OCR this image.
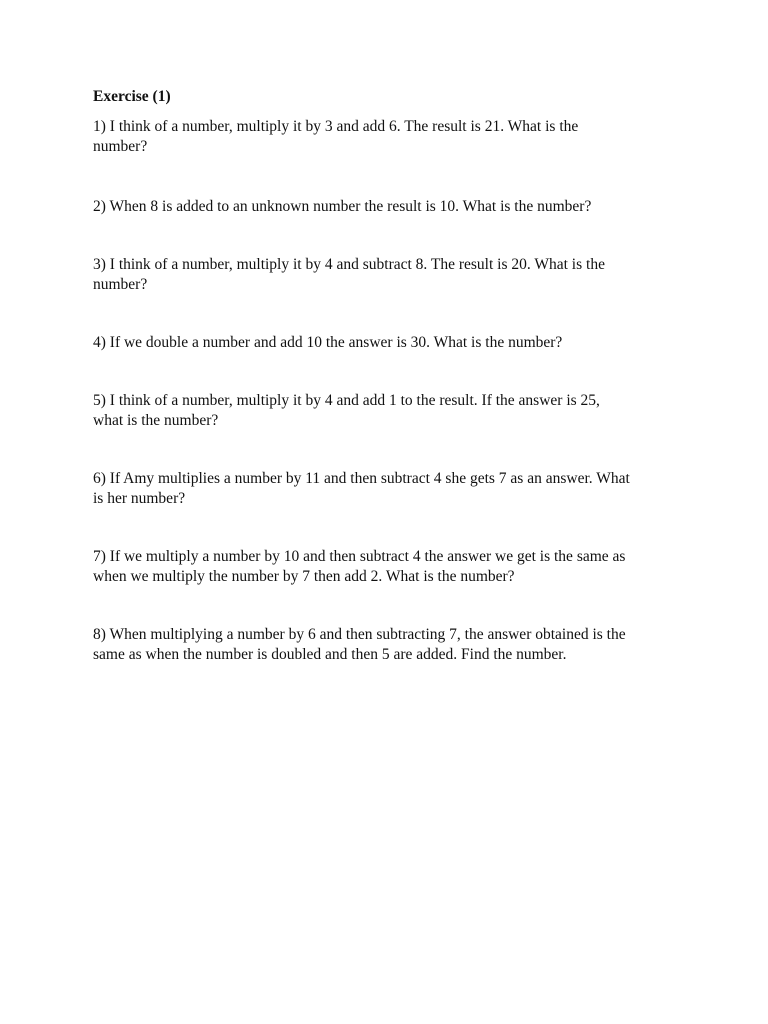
Exercise (1)

1) I think of a number, multiply it by 3 and add 6. The result is 21. What is the
number?

2) When 8 is added to an unknown number the result is 10. What is the number?

3) I think of a number, multiply it by 4 and subtract 8. The result is 20. What is the
number?

4) If we double a number and add 10 the answer is 30. What is the number?

5) I think of a number, multiply it by 4 and add 1 to the result. If the answer is 25,
what is the number?

6) If Amy multiplies a number by 11 and then subtract 4 she gets 7 as an answer. What
is her number?

7) If we multiply a number by 10 and then subtract 4 the answer we get is the same as
when we multiply the number by 7 then add 2. What is the number?

8) When multiplying a number by 6 and then subtracting 7, the answer obtained is the
same as when the number is doubled and then 5 are added. Find the number.
